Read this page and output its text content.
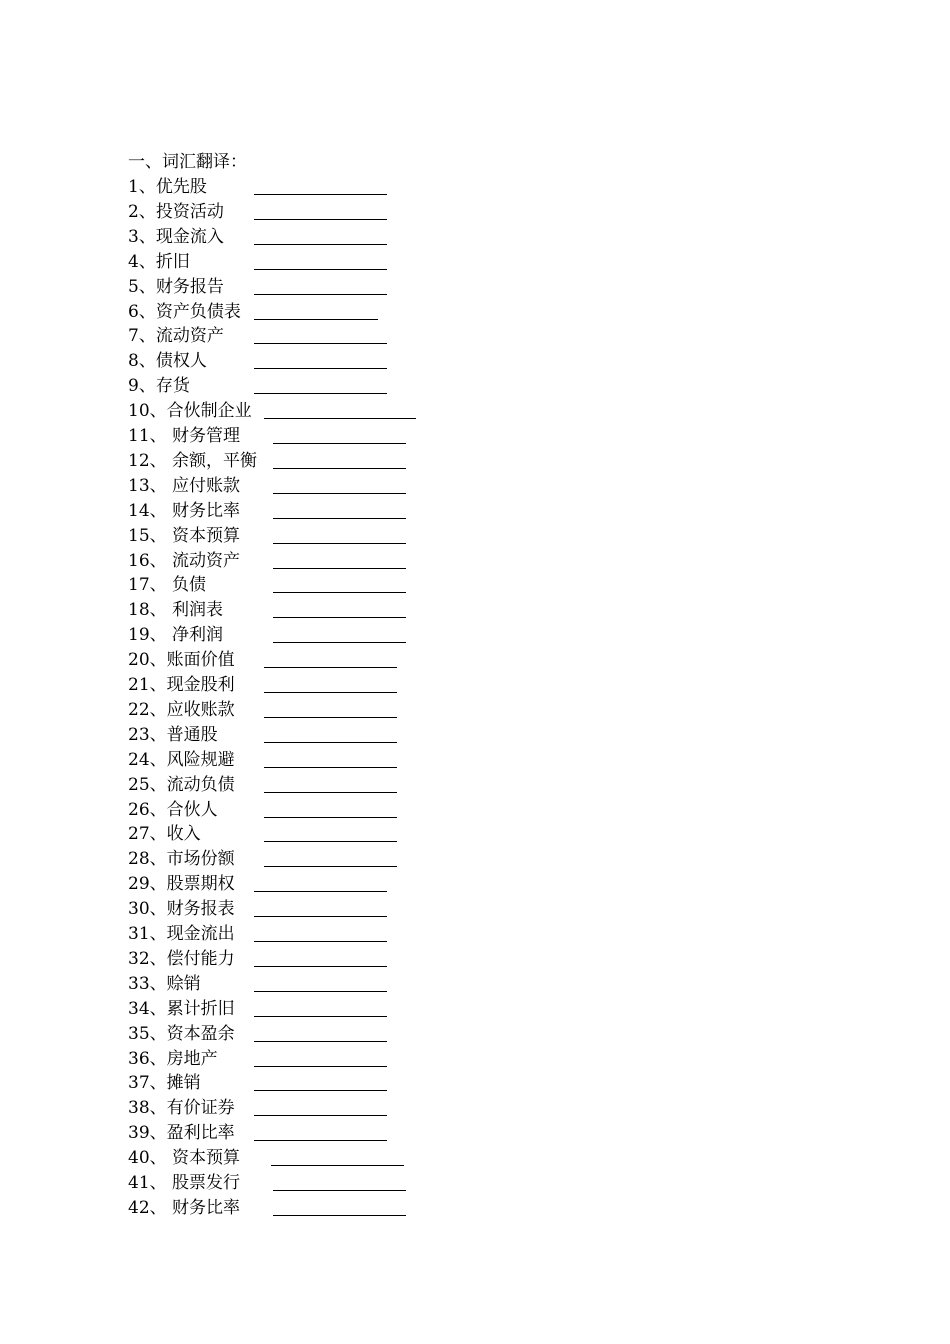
一、词汇翻译：
1、优先股
2、投资活动
3、现金流入
4、折旧
5、财务报告
6、资产负债表
7、流动资产
8、债权人
9、存货
10、合伙制企业
11、 财务管理
12、 余额，平衡
13、 应付账款
14、 财务比率
15、 资本预算
16、 流动资产
17、 负债
18、 利润表
19、 净利润
20、账面价值
21、现金股利
22、应收账款
23、普通股
24、风险规避
25、流动负债
26、合伙人
27、收入
28、市场份额
29、股票期权
30、财务报表
31、现金流出
32、偿付能力
33、赊销
34、累计折旧
35、资本盈余
36、房地产
37、摊销
38、有价证券
39、盈利比率
40、 资本预算
41、 股票发行
42、 财务比率
